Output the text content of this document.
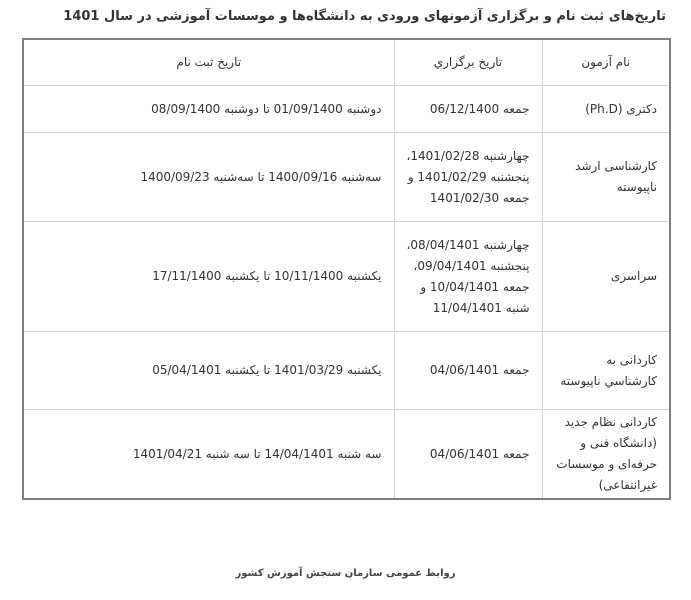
تاریخ‌های ثبت نام و برگزاری آزمونهای ورودی به دانشگاه‌ها و موسسات آموزشی در سال 1401
نام آزمون	تاريخ برگزاري	تاریخ ثبت نام
دکتری (Ph.D)	جمعه 06/12/1400	دوشنبه 01/09/1400 تا دوشنبه 08/09/1400
کارشناسی ارشد ناپیوسته	چهارشنبه 1401/02/28، پنجشنبه 1401/02/29 و جمعه 1401/02/30	سه‌شنبه 1400/09/16 تا سه‌شنبه 1400/09/23
سراسری	چهارشنبه 08/04/1401، پنجشنبه 09/04/1401، جمعه 10/04/1401 و شنبه 11/04/1401	یکشنبه 10/11/1400 تا یکشنبه 17/11/1400
کاردانی به کارشناسي ناپیوسته	جمعه 04/06/1401	یکشنبه 1401/03/29 تا یکشنبه 05/04/1401
کاردانی نظام جدید (دانشگاه فنی و حرفه‌ای و موسسات غیرانتفاعی)	جمعه 04/06/1401	سه شنبه 14/04/1401 تا سه شنبه 1401/04/21
روابط عمومی سازمان سنجش آموزش کشور
